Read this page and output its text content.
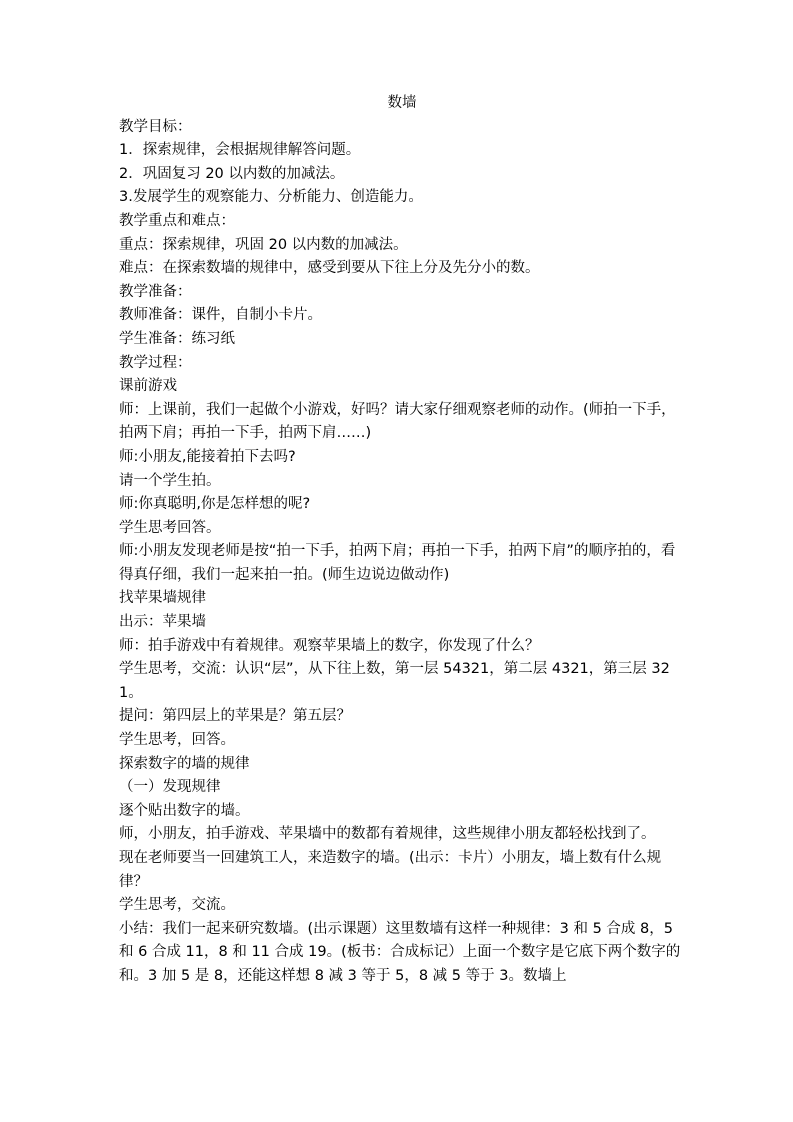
数墙

教学目标：

1．探索规律，会根据规律解答问题。

2．巩固复习 20 以内数的加减法。

3.发展学生的观察能力、分析能力、创造能力。

教学重点和难点：

重点：探索规律，巩固 20 以内数的加减法。

难点：在探索数墙的规律中，感受到要从下往上分及先分小的数。

教学准备：

教师准备：课件，自制小卡片。

学生准备：练习纸

教学过程：

课前游戏

师：上课前，我们一起做个小游戏，好吗？请大家仔细观察老师的动作。(师拍一下手，拍两下肩；再拍一下手，拍两下肩……)

师:小朋友,能接着拍下去吗?

请一个学生拍。

师:你真聪明,你是怎样想的呢?

学生思考回答。

师:小朋友发现老师是按“拍一下手，拍两下肩；再拍一下手，拍两下肩”的顺序拍的，看得真仔细，我们一起来拍一拍。(师生边说边做动作)

找苹果墙规律

出示：苹果墙

师：拍手游戏中有着规律。观察苹果墙上的数字，你发现了什么？

学生思考，交流：认识“层”，从下往上数，第一层 54321，第二层 4321，第三层 321。

提问：第四层上的苹果是？第五层？

学生思考，回答。

探索数字的墙的规律

（一）发现规律

逐个贴出数字的墙。

师，小朋友，拍手游戏、苹果墙中的数都有着规律，这些规律小朋友都轻松找到了。

现在老师要当一回建筑工人，来造数字的墙。(出示：卡片）小朋友，墙上数有什么规律？

学生思考，交流。

小结：我们一起来研究数墙。(出示课题）这里数墙有这样一种规律：3 和 5 合成 8，5 和 6 合成 11，8 和 11 合成 19。(板书：合成标记）上面一个数字是它底下两个数字的和。3 加 5 是 8，还能这样想 8 减 3 等于 5，8 减 5 等于 3。数墙上
